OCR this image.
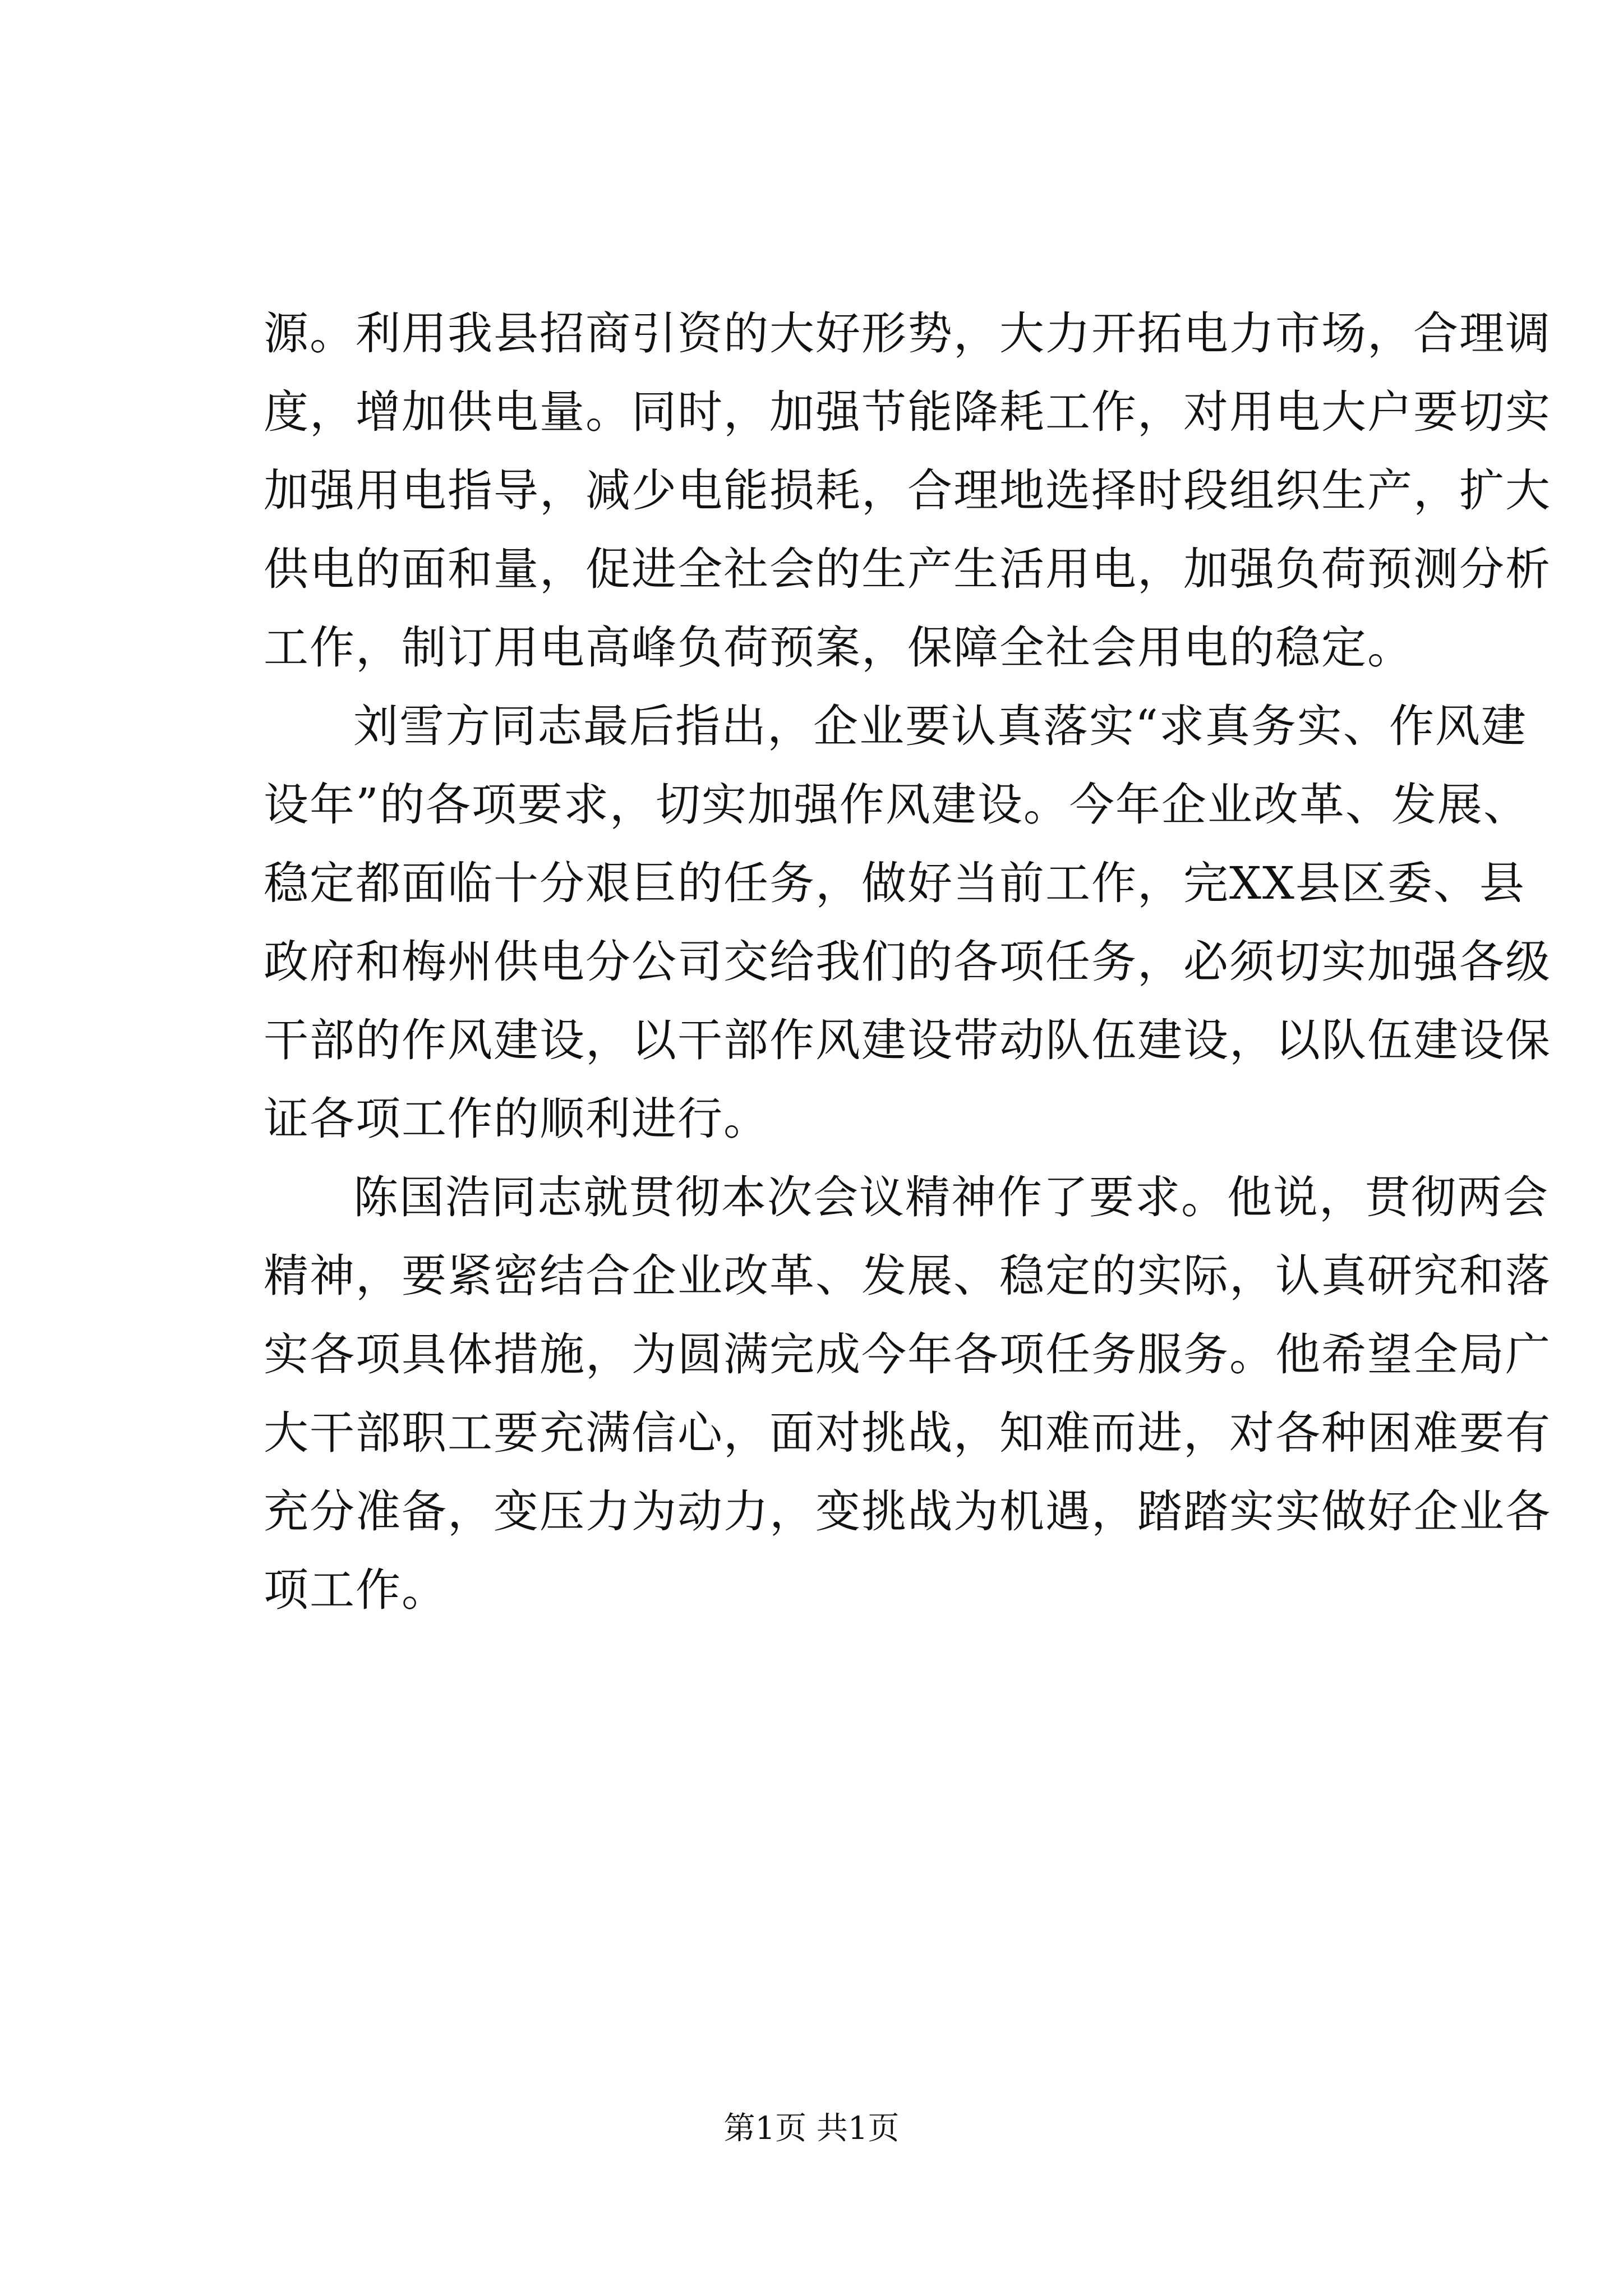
源。利用我县招商引资的大好形势，大力开拓电力市场，合理调
度，增加供电量。同时，加强节能降耗工作，对用电大户要切实
加强用电指导，减少电能损耗，合理地选择时段组织生产，扩大
供电的面和量，促进全社会的生产生活用电，加强负荷预测分析
工作，制订用电高峰负荷预案，保障全社会用电的稳定。

刘雪方同志最后指出，企业要认真落实“求真务实、作风建
设年”的各项要求，切实加强作风建设。今年企业改革、发展、
稳定都面临十分艰巨的任务，做好当前工作，完XX县区委、县
政府和梅州供电分公司交给我们的各项任务，必须切实加强各级
干部的作风建设，以干部作风建设带动队伍建设，以队伍建设保
证各项工作的顺利进行。

陈国浩同志就贯彻本次会议精神作了要求。他说，贯彻两会
精神，要紧密结合企业改革、发展、稳定的实际，认真研究和落
实各项具体措施，为圆满完成今年各项任务服务。他希望全局广
大干部职工要充满信心，面对挑战，知难而进，对各种困难要有
充分准备，变压力为动力，变挑战为机遇，踏踏实实做好企业各
项工作。

第1页 共1页
